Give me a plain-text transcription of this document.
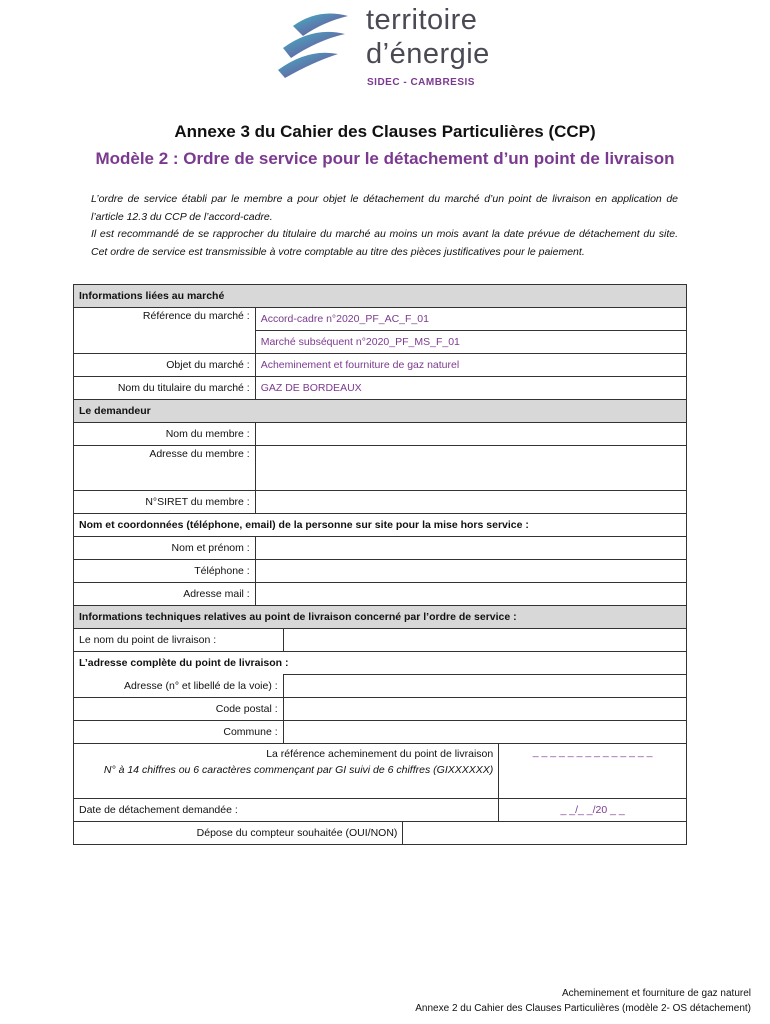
territoire
d’énergie
SIDEC - CAMBRESIS
Annexe 3 du Cahier des Clauses Particulières (CCP)
Modèle 2 : Ordre de service pour le détachement d’un point de livraison

L’ordre de service établi par le membre a pour objet le détachement du marché d’un point de livraison en application de l’article 12.3 du CCP de l’accord-cadre.

Il est recommandé de se rapprocher du titulaire du marché au moins un mois avant la date prévue de détachement du site. Cet ordre de service est transmissible à votre comptable au titre des pièces justificatives pour le paiement.

Informations liées au marché				
Référence du marché :	Accord-cadre n°2020_PF_AC_F_01			
	Marché subséquent n°2020_PF_MS_F_01			
Objet du marché :	Acheminement et fourniture de gaz naturel			
Nom du titulaire du marché :	GAZ DE BORDEAUX			
Le demandeur				
Nom du membre :				
Adresse du membre :				
N°SIRET du membre :				
Nom et coordonnées (téléphone, email) de la personne sur site pour la mise hors service :				
Nom et prénom :				
Téléphone :				
Adresse mail :				
Informations techniques relatives au point de livraison concerné par l’ordre de service :				
Le nom du point de livraison :				
L’adresse complète du point de livraison :				
Adresse (n° et libellé de la voie) :				
Code postal :				
Commune :				

La référence acheminement du point de livraison
N° à 14 chiffres ou 6 caractères commençant par GI suivi de 6 chiffres (GIXXXXXX)				_ _ _ _ _ _ _ _ _ _ _ _ _ _
Date de détachement demandée :				_ _/_ _/20 _ _
Dépose du compteur souhaitée (OUI/NON)				
Acheminement et fourniture de gaz naturel
Annexe 2 du Cahier des Clauses Particulières (modèle 2- OS détachement)
